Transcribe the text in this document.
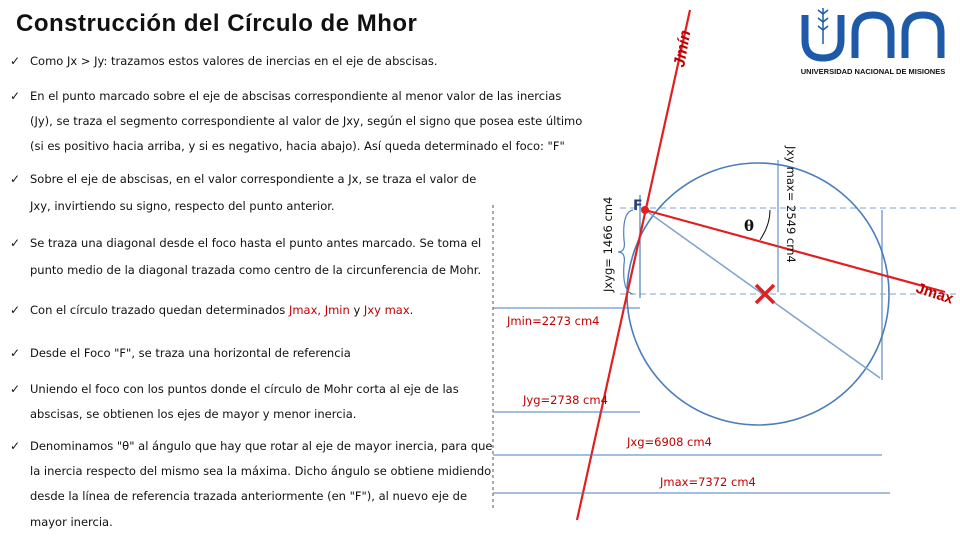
Construcción del Círculo de Mhor
✓ Como Jx > Jy: trazamos estos valores de inercias en el eje de abscisas.
✓ En el punto marcado sobre el eje de abscisas correspondiente al menor valor de las inercias
(Jy), se traza el segmento correspondiente al valor de Jxy, según el signo que posea este último
(si es positivo hacia arriba, y si es negativo, hacia abajo). Así queda determinado el foco: "F"
✓ Sobre el eje de abscisas, en el valor correspondiente a Jx, se traza el valor de
Jxy, invirtiendo su signo, respecto del punto anterior.
✓ Se traza una diagonal desde el foco hasta el punto antes marcado. Se toma el
punto medio de la diagonal trazada como centro de la circunferencia de Mohr.
✓ Con el círculo trazado quedan determinados Jmax, Jmin y Jxy max.
✓ Desde el Foco "F", se traza una horizontal de referencia
✓ Uniendo el foco con los puntos donde el círculo de Mohr corta al eje de las
abscisas, se obtienen los ejes de mayor y menor inercia.
✓ Denominamos "θ" al ángulo que hay que rotar al eje de mayor inercia, para que
la inercia respecto del mismo sea la máxima. Dicho ángulo se obtiene midiendo
desde la línea de referencia trazada anteriormente (en "F"), al nuevo eje de
mayor inercia.
Jmín
Jmax
Jxyg= 1466 cm4	Jxy max= 2549 cm4
F
θ
Jmin=2273 cm4
Jyg=2738 cm4
Jxg=6908 cm4
Jmax=7372 cm4
UNIVERSIDAD NACIONAL DE MISIONES
